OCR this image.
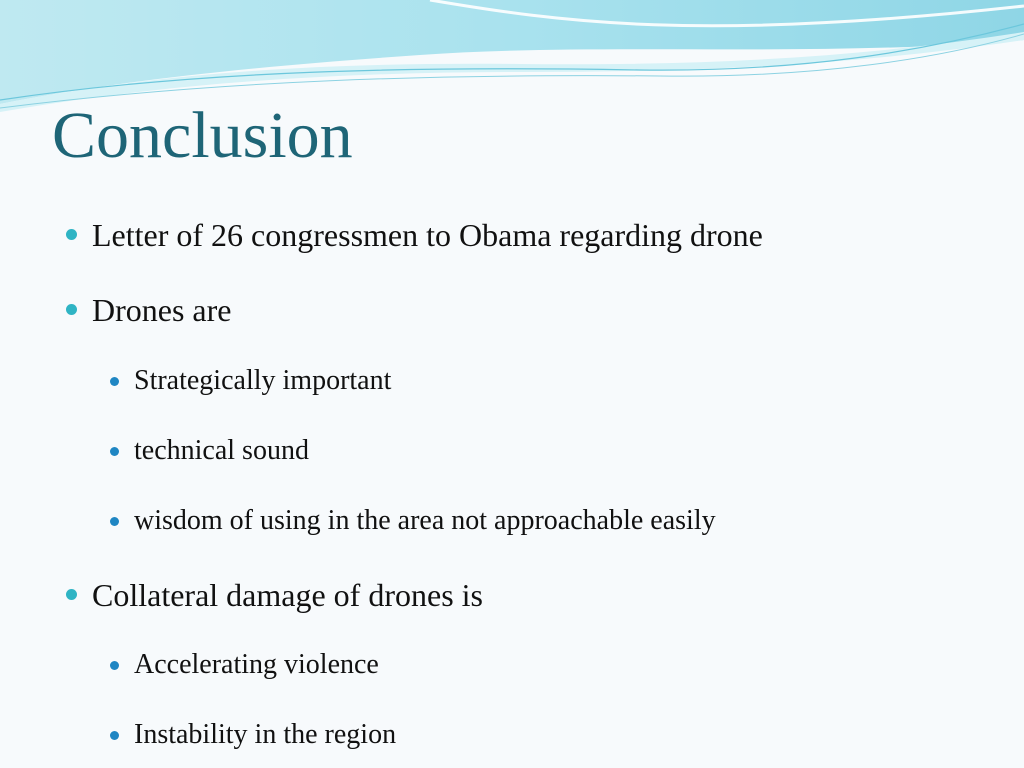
Conclusion
Letter of 26 congressmen to Obama regarding drone
Drones are
Strategically important
technical sound
wisdom of using in the area not approachable easily
Collateral damage of drones is
Accelerating violence
Instability in the region
